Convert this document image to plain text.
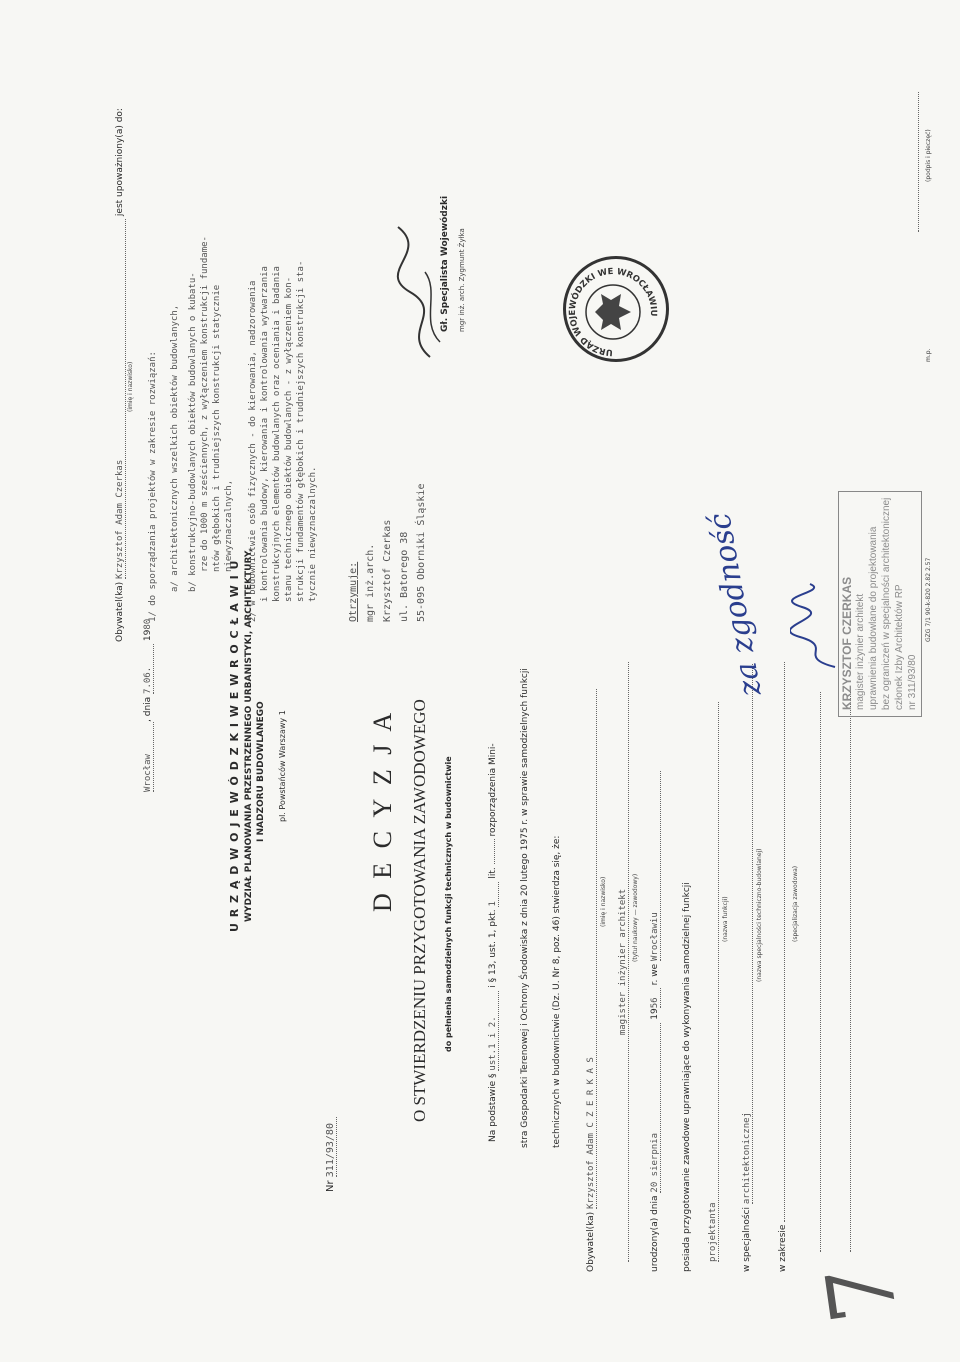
U R Z Ą D W O J E W Ó D Z K I W E W R O C Ł A W I U WYDZIAŁ PLANOWANIA PRZESTRZENNEGO URBANISTYKI, ARCHITEKTURY, I NADZORU BUDOWLANEGO pl. Powstańców Warszawy 1
Wrocław, dnia 7.06. 1980
Nr 311/93/80
D E C Y Z J A O STWIERDZENIU PRZYGOTOWANIA ZAWODOWEGO do pełnienia samodzielnych funkcji technicznych w budownictwie
Na podstawie § ust.1 i 2. i § 13, ust. 1, pkt. 1 lit.  rozporządzenia Mini- stra Gospodarki Terenowej i Ochrony Środowiska z dnia 20 lutego 1975 r. w sprawie samodzielnych funkcji technicznych w budownictwie (Dz. U. Nr 8, poz. 46) stwierdza się, że:
Obywatel(ka) Krzysztof Adam C Z E R K A S
(imię i nazwisko) magister inżynier architekt (tytuł naukowy — zawodowy)
urodzony(a) dnia 20 sierpnia 1956 r. we Wrocławiu posiada przygotowanie zawodowe uprawniające do wykonywania samodzielnej funkcji projektanta
(nazwa funkcji)
w specjalności architektonicznej
(nazwa specjalności techniczno-budowlanej)
w zakresie
(specjalizacja zawodowa)
7
Obywatel(ka) Krzysztof Adam Czerkas jest upoważniony(a) do:
(imię i nazwisko) 1/ do sporządzania projektów w zakresie rozwiązań: a/ architektonicznych wszelkich obiektów budowlanych, b/ konstrukcyjno-budowlanych obiektów budowlanych o kubatu- rze do 1000 m sześciennych, z wyłączeniem konstrukcji fundame- ntów głębokich i trudniejszych konstrukcji statycznie niewyznaczalnych, 2/ w budownictwie osób fizycznych - do kierowania, nadzorowania i kontrolowania budowy, kierowania i kontrolowania wytwarzania konstrukcyjnych elementów budowlanych oraz oceniania i badania stanu technicznego obiektów budowlanych - z wyłączeniem kon- strukcji fundamentów głębokich i trudniejszych konstrukcji sta- tycznie niewyznaczalnych.	Otrzymuje: mgr inż.arch. Krzysztof Czerkas ul. Batorego 38 55-095 Oborniki Śląskie
URZĄD WOJEWÓDZKI WE WROCŁAWIU
Gł. Specjalista Wojewódzki mgr inż. arch. Zygmunt Żyłka
KRZYSZTOF CZERKAS magister inżynier architekt uprawnienia budowlane do projektowania bez ograniczeń w specjalności architektonicznej członek Izby Architektów RP nr 311/93/80
za zgodność	GZG 7/1 90-k-820 2.82 2.57
m.p.
(podpis i pieczęć)
